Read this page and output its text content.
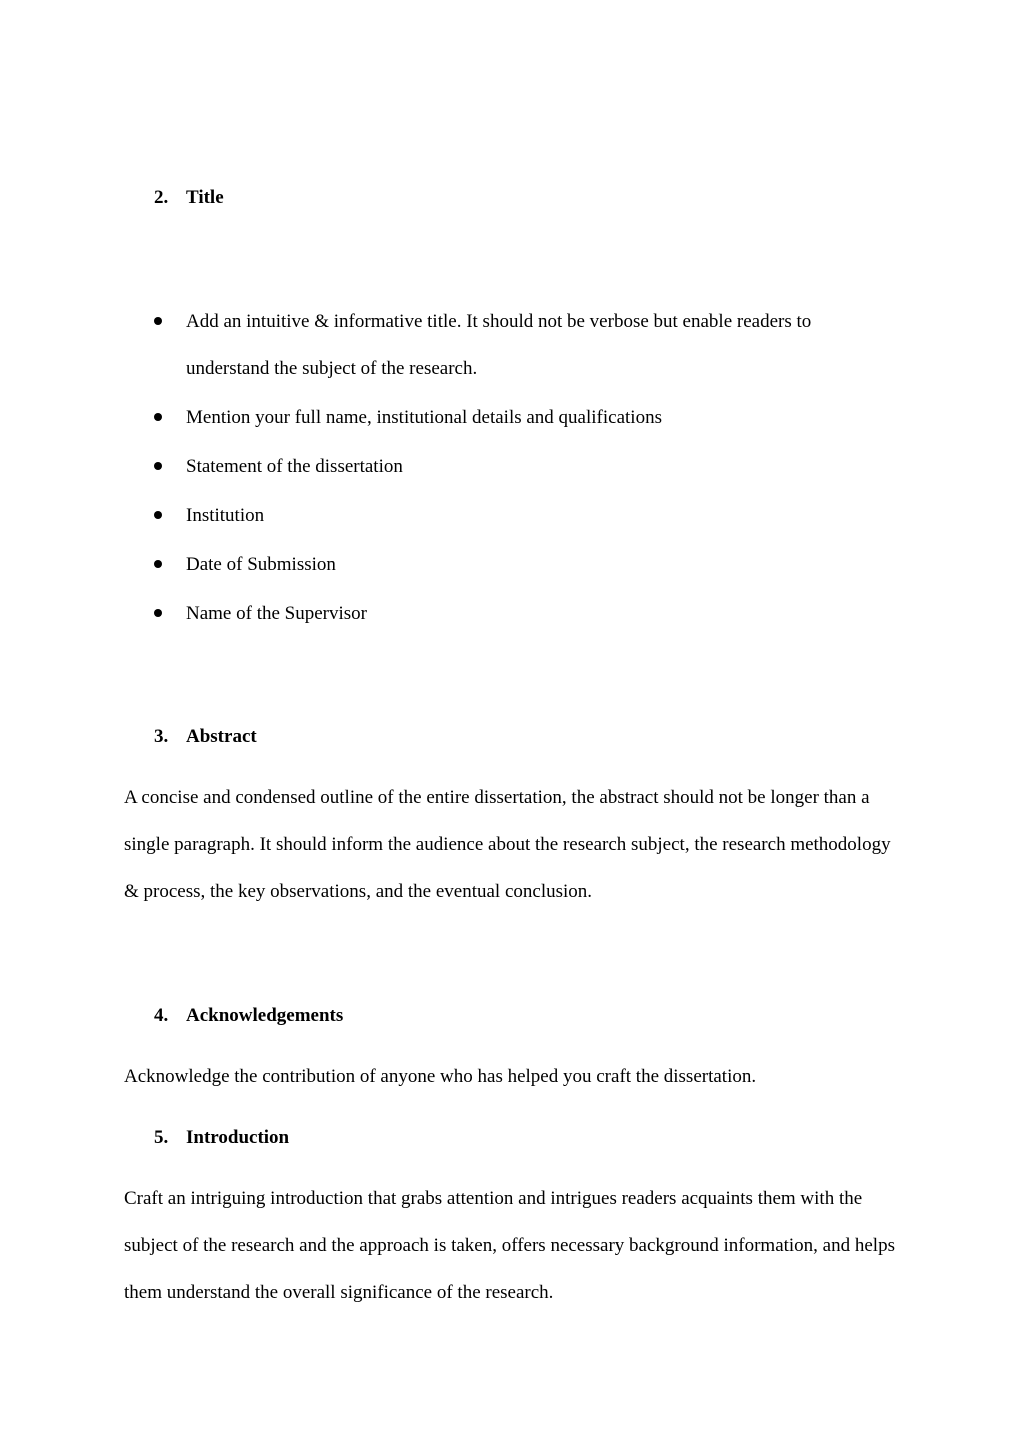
2. Title
Add an intuitive & informative title. It should not be verbose but enable readers to understand the subject of the research.
Mention your full name, institutional details and qualifications
Statement of the dissertation
Institution
Date of Submission
Name of the Supervisor
3. Abstract
A concise and condensed outline of the entire dissertation, the abstract should not be longer than a single paragraph. It should inform the audience about the research subject, the research methodology & process, the key observations, and the eventual conclusion.
4. Acknowledgements
Acknowledge the contribution of anyone who has helped you craft the dissertation.
5. Introduction
Craft an intriguing introduction that grabs attention and intrigues readers acquaints them with the subject of the research and the approach is taken, offers necessary background information, and helps them understand the overall significance of the research.
